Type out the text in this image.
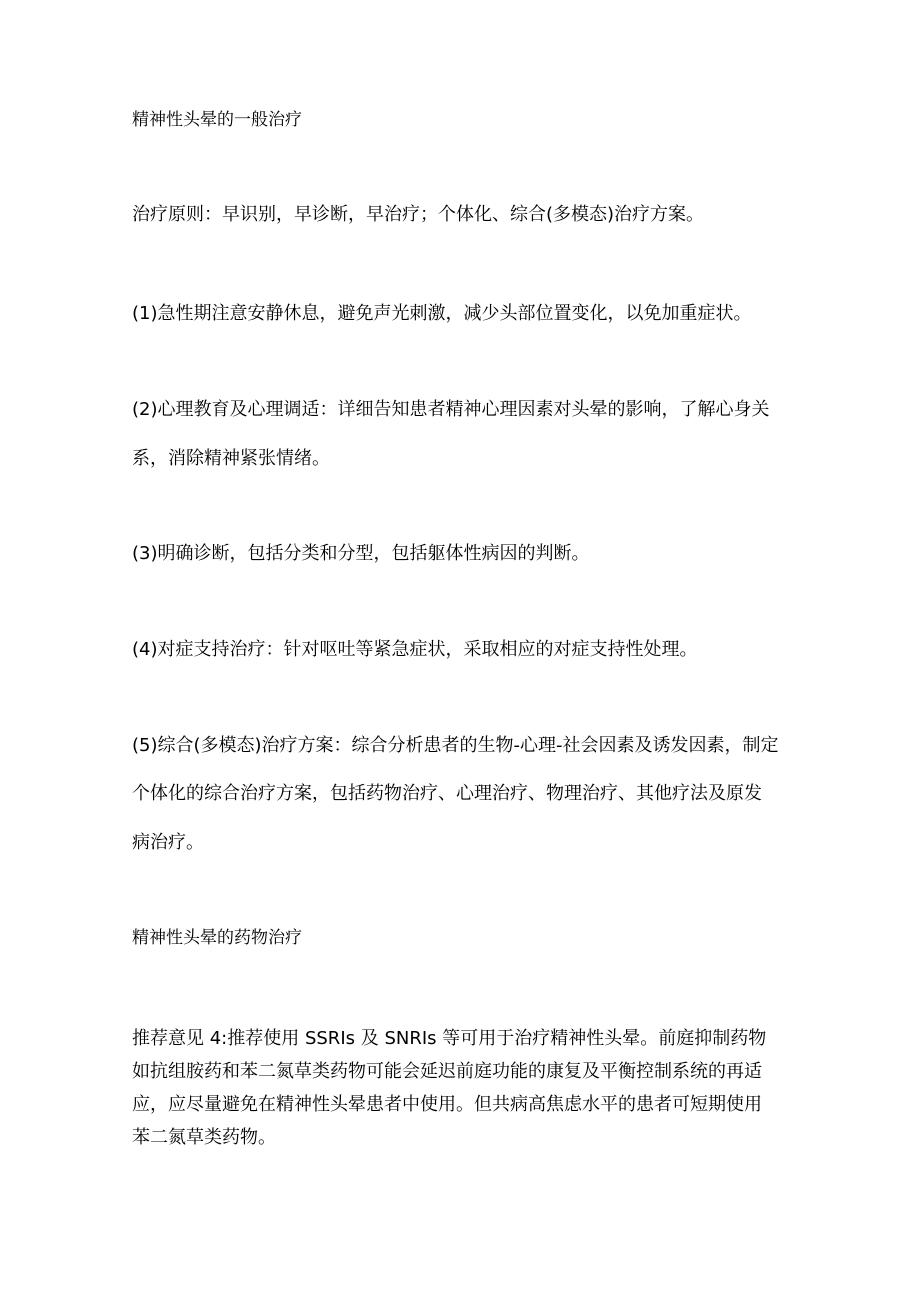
精神性头晕的一般治疗

治疗原则：早识别，早诊断，早治疗；个体化、综合(多模态)治疗方案。

(1)急性期注意安静休息，避免声光刺激，减少头部位置变化，以免加重症状。

(2)心理教育及心理调适：详细告知患者精神心理因素对头晕的影响，了解心身关

系，消除精神紧张情绪。

(3)明确诊断，包括分类和分型，包括躯体性病因的判断。

(4)对症支持治疗：针对呕吐等紧急症状，采取相应的对症支持性处理。

(5)综合(多模态)治疗方案：综合分析患者的生物-心理-社会因素及诱发因素，制定

个体化的综合治疗方案，包括药物治疗、心理治疗、物理治疗、其他疗法及原发

病治疗。

精神性头晕的药物治疗

推荐意见 4:推荐使用 SSRIs 及 SNRIs 等可用于治疗精神性头晕。前庭抑制药物

如抗组胺药和苯二氮草类药物可能会延迟前庭功能的康复及平衡控制系统的再适

应，应尽量避免在精神性头晕患者中使用。但共病高焦虑水平的患者可短期使用

苯二氮草类药物。
